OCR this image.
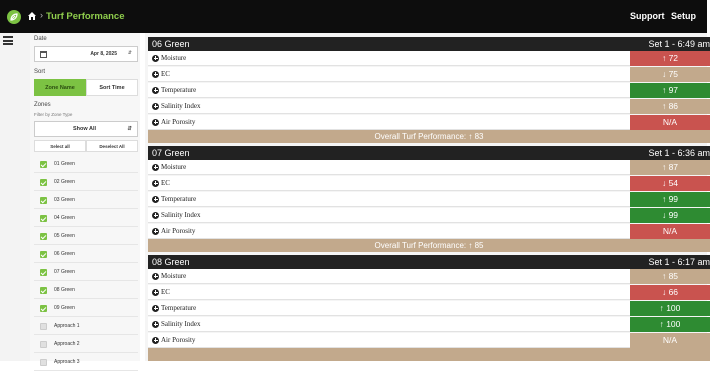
› Turf Performance	Support Setup
Date
Apr 8, 2025 ⇵
Sort
Zone Name	Sort Time
Zones
Filter by Zone Type
Show All	⇵
Select all	Deselect All
01 Green
02 Green
03 Green
04 Green
05 Green
06 Green
07 Green
08 Green
09 Green
Approach 1
Approach 2
Approach 3
06 Green	Set 1 - 6:49 am
Moisture	↑ 72
EC	↓ 75
Temperature	↑ 97
Salinity Index	↑ 86
Air Porosity	N/A
Overall Turf Performance: ↑ 83
07 Green	Set 1 - 6:36 am
Moisture	↑ 87
EC	↓ 54
Temperature	↑ 99
Salinity Index	↓ 99
Air Porosity	N/A
Overall Turf Performance: ↑ 85
08 Green	Set 1 - 6:17 am
Moisture	↑ 85
EC	↓ 66
Temperature	↑ 100
Salinity Index	↑ 100
Air Porosity	N/A
